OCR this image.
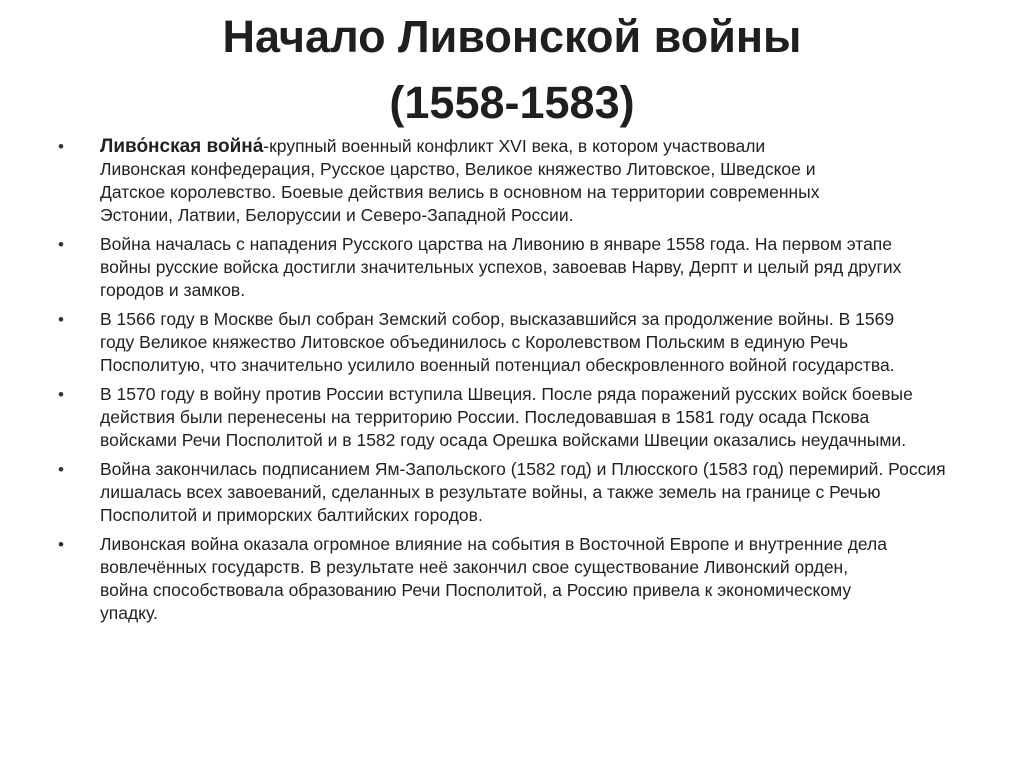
Начало Ливонской войны
(1558-1583)
•	Ливо́нская война́-крупный военный конфликт XVI века, в котором участвовали Ливонская конфедерация, Русское царство, Великое княжество Литовское, Шведское и Датское королевство. Боевые действия велись в основном на территории современных Эстонии, Латвии, Белоруссии и Северо-Западной России.
•	Война началась с нападения Русского царства на Ливонию в январе 1558 года. На первом этапе войны русские войска достигли значительных успехов, завоевав Нарву, Дерпт и целый ряд других городов и замков.
•	В 1566 году в Москве был собран Земский собор, высказавшийся за продолжение войны. В 1569 году Великое княжество Литовское объединилось с Королевством Польским в единую Речь Посполитую, что значительно усилило военный потенциал обескровленного войной государства.
•	В 1570 году в войну против России вступила Швеция. После ряда поражений русских войск боевые действия были перенесены на территорию России. Последовавшая в 1581 году осада Пскова войсками Речи Посполитой и в 1582 году осада Орешка войсками Швеции оказались неудачными.
•	Война закончилась подписанием Ям-Запольского (1582 год) и Плюсского (1583 год) перемирий. Россия лишалась всех завоеваний, сделанных в результате войны, а также земель на границе с Речью Посполитой и приморских балтийских городов.
•	Ливонская война оказала огромное влияние на события в Восточной Европе и внутренние дела вовлечённых государств. В результате неё закончил свое существование Ливонский орден, война способствовала образованию Речи Посполитой, а Россию привела к экономическому упадку.
